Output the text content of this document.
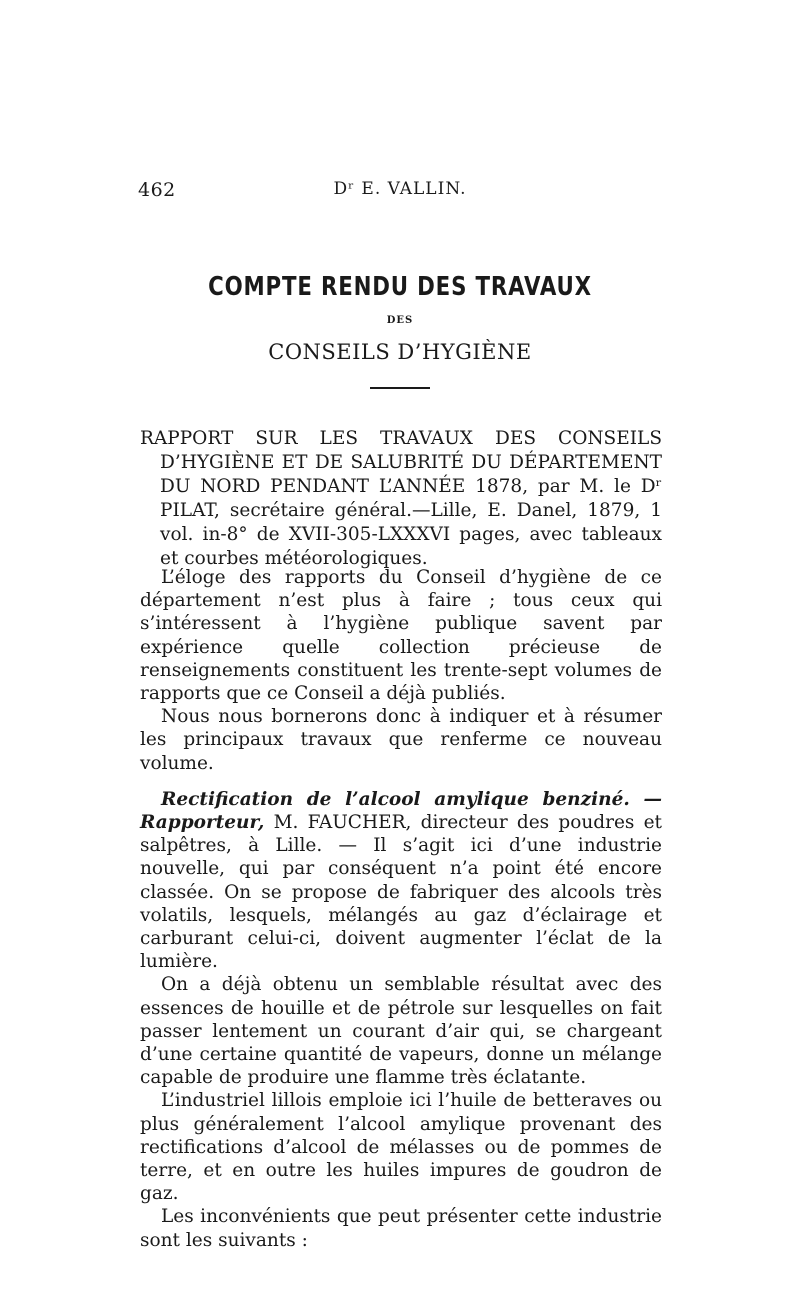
462	Dʳ E. VALLIN.
COMPTE RENDU DES TRAVAUX
DES
CONSEILS D’HYGIÈNE
RAPPORT SUR LES TRAVAUX DES CONSEILS D’HYGIÈNE ET DE SALUBRITÉ DU DÉPARTEMENT DU NORD PENDANT L’ANNÉE 1878, par M. le Dʳ PILAT, secrétaire général.—Lille, E. Danel, 1879, 1 vol. in-8° de XVII-305-LXXXVI pages, avec tableaux et courbes météorologiques.

L’éloge des rapports du Conseil d’hygiène de ce département n’est plus à faire ; tous ceux qui s’intéressent à l’hygiène publique savent par expérience quelle collection précieuse de renseignements constituent les trente-sept volumes de rapports que ce Conseil a déjà publiés.

Nous nous bornerons donc à indiquer et à résumer les principaux travaux que renferme ce nouveau volume.

Rectification de l’alcool amylique benziné. — Rapporteur, M. FAUCHER, directeur des poudres et salpêtres, à Lille. — Il s’agit ici d’une industrie nouvelle, qui par conséquent n’a point été encore classée. On se propose de fabriquer des alcools très volatils, lesquels, mélangés au gaz d’éclairage et carburant celui-ci, doivent augmenter l’éclat de la lumière.

On a déjà obtenu un semblable résultat avec des essences de houille et de pétrole sur lesquelles on fait passer lentement un courant d’air qui, se chargeant d’une certaine quantité de vapeurs, donne un mélange capable de produire une flamme très éclatante.

L’industriel lillois emploie ici l’huile de betteraves ou plus généralement l’alcool amylique provenant des rectifications d’alcool de mélasses ou de pommes de terre, et en outre les huiles impures de goudron de gaz.

Les inconvénients que peut présenter cette industrie sont les suivants :
